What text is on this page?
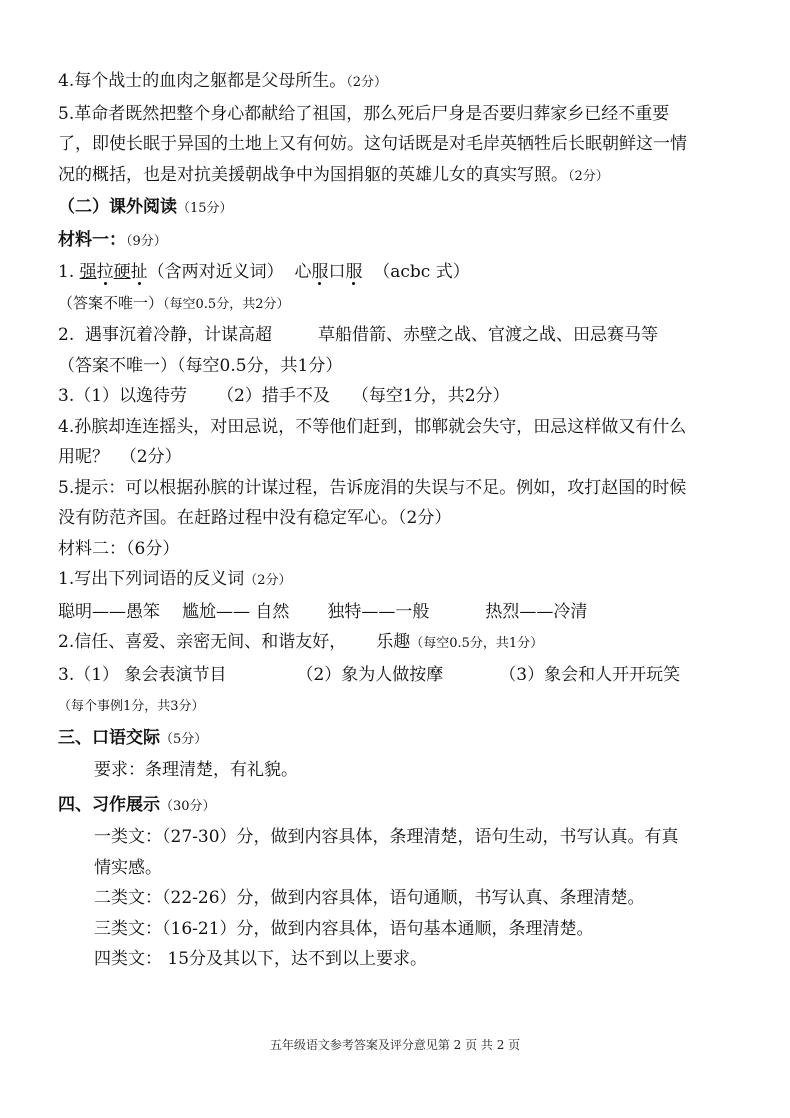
4.每个战士的血肉之躯都是父母所生。（2分）
5.革命者既然把整个身心都献给了祖国，那么死后尸身是否要归葬家乡已经不重要
了，即使长眠于异国的土地上又有何妨。这句话既是对毛岸英牺牲后长眠朝鲜这一情
况的概括，也是对抗美援朝战争中为国捐躯的英雄儿女的真实写照。（2分）
（二）课外阅读（15分）
材料一：（9分）
1. 强拉硬扯（含两对近义词） 心服口服 （acbc 式）
（答案不唯一）（每空0.5分，共2分）
2.  遇事沉着冷静，计谋高超	草船借箭、赤壁之战、官渡之战、田忌赛马等
（答案不唯一）（每空0.5分，共1分）
3.（1）以逸待劳 （2）措手不及 （每空1分，共2分）
4.孙膑却连连摇头，对田忌说，不等他们赶到，邯郸就会失守，田忌这样做又有什么
用呢？ （2分）
5.提示：可以根据孙膑的计谋过程，告诉庞涓的失误与不足。例如，攻打赵国的时候
没有防范齐国。在赶路过程中没有稳定军心。（2分）
材料二：（6分）
1.写出下列词语的反义词（2分）
聪明——愚笨 尴尬—— 自然 独特——一般	热烈——冷清
2.信任、喜爱、亲密无间、和谐友好， 乐趣（每空0.5分，共1分）
3.（1） 象会表演节目	（2）象为人做按摩	（3）象会和人开开玩笑
（每个事例1分，共3分）
三、口语交际（5分）
要求：条理清楚，有礼貌。
四、习作展示（30分）
一类文：（27-30）分，做到内容具体，条理清楚，语句生动，书写认真。有真
情实感。
二类文：（22-26）分，做到内容具体，语句通顺，书写认真、条理清楚。
三类文：（16-21）分，做到内容具体，语句基本通顺，条理清楚。
四类文： 15分及其以下，达不到以上要求。
五年级语文参考答案及评分意见第 2 页 共 2 页
